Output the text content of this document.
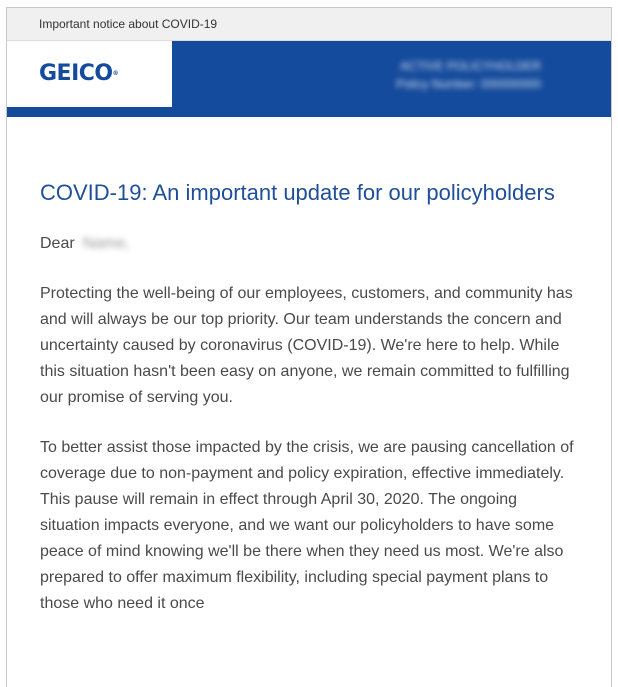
Important notice about COVID-19
GEICO®
ACTIVE POLICYHOLDER
Policy Number: 000000000
COVID-19: An important update for our policyholders

Dear Name,

Protecting the well-being of our employees, customers, and community has and will always be our top priority. Our team understands the concern and uncertainty caused by coronavirus (COVID-19). We're here to help. While this situation hasn't been easy on anyone, we remain committed to fulfilling our promise of serving you.

To better assist those impacted by the crisis, we are pausing cancellation of coverage due to non-payment and policy expiration, effective immediately. This pause will remain in effect through April 30, 2020. The ongoing situation impacts everyone, and we want our policyholders to have some peace of mind knowing we'll be there when they need us most. We're also prepared to offer maximum flexibility, including special payment plans to those who need it once
